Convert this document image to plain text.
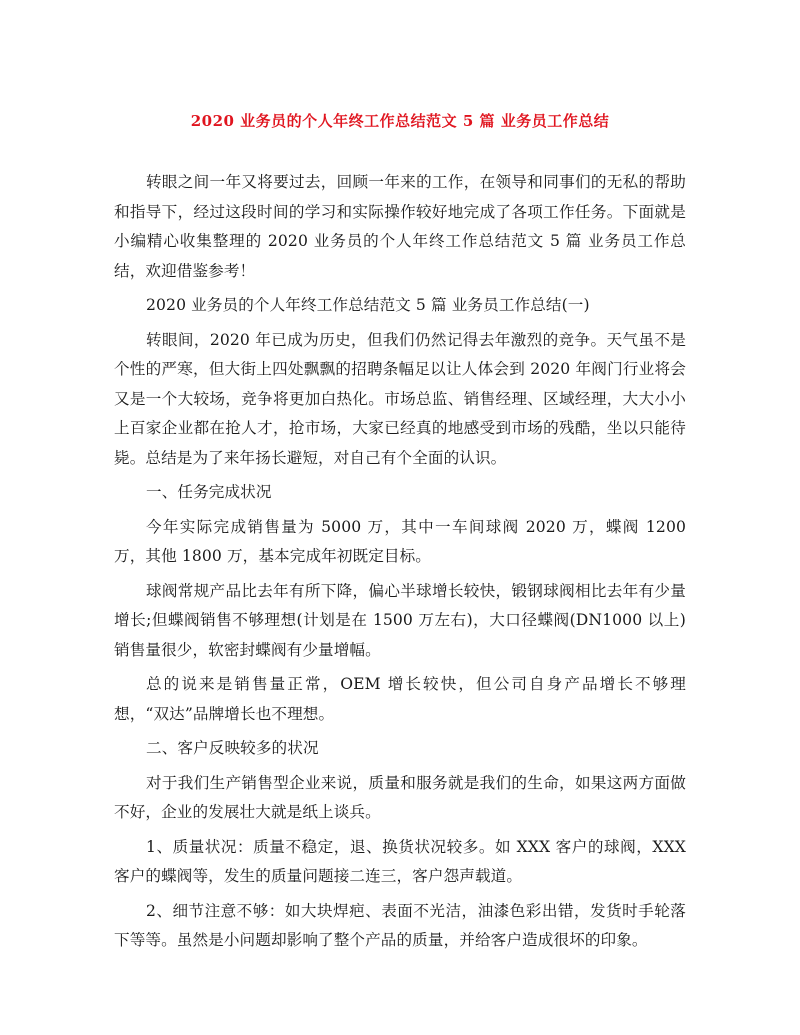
2020 业务员的个人年终工作总结范文 5 篇 业务员工作总结

转眼之间一年又将要过去，回顾一年来的工作，在领导和同事们的无私的帮助和指导下，经过这段时间的学习和实际操作较好地完成了各项工作任务。下面就是小编精心收集整理的 2020 业务员的个人年终工作总结范文 5 篇 业务员工作总结，欢迎借鉴参考！

2020 业务员的个人年终工作总结范文 5 篇 业务员工作总结(一)

转眼间，2020 年已成为历史，但我们仍然记得去年激烈的竞争。天气虽不是个性的严寒，但大街上四处飘飘的招聘条幅足以让人体会到 2020 年阀门行业将会又是一个大较场，竞争将更加白热化。市场总监、销售经理、区域经理，大大小小上百家企业都在抢人才，抢市场，大家已经真的地感受到市场的残酷，坐以只能待毙。总结是为了来年扬长避短，对自己有个全面的认识。

一、任务完成状况

今年实际完成销售量为 5000 万，其中一车间球阀 2020 万，蝶阀 1200 万，其他 1800 万，基本完成年初既定目标。

球阀常规产品比去年有所下降，偏心半球增长较快，锻钢球阀相比去年有少量增长;但蝶阀销售不够理想(计划是在 1500 万左右)，大口径蝶阀(DN1000 以上)销售量很少，软密封蝶阀有少量增幅。

总的说来是销售量正常，OEM 增长较快，但公司自身产品增长不够理想，“双达”品牌增长也不理想。

二、客户反映较多的状况

对于我们生产销售型企业来说，质量和服务就是我们的生命，如果这两方面做不好，企业的发展壮大就是纸上谈兵。

1、质量状况：质量不稳定，退、换货状况较多。如 XXX 客户的球阀，XXX 客户的蝶阀等，发生的质量问题接二连三，客户怨声载道。

2、细节注意不够：如大块焊疤、表面不光洁，油漆色彩出错，发货时手轮落下等等。虽然是小问题却影响了整个产品的质量，并给客户造成很坏的印象。
